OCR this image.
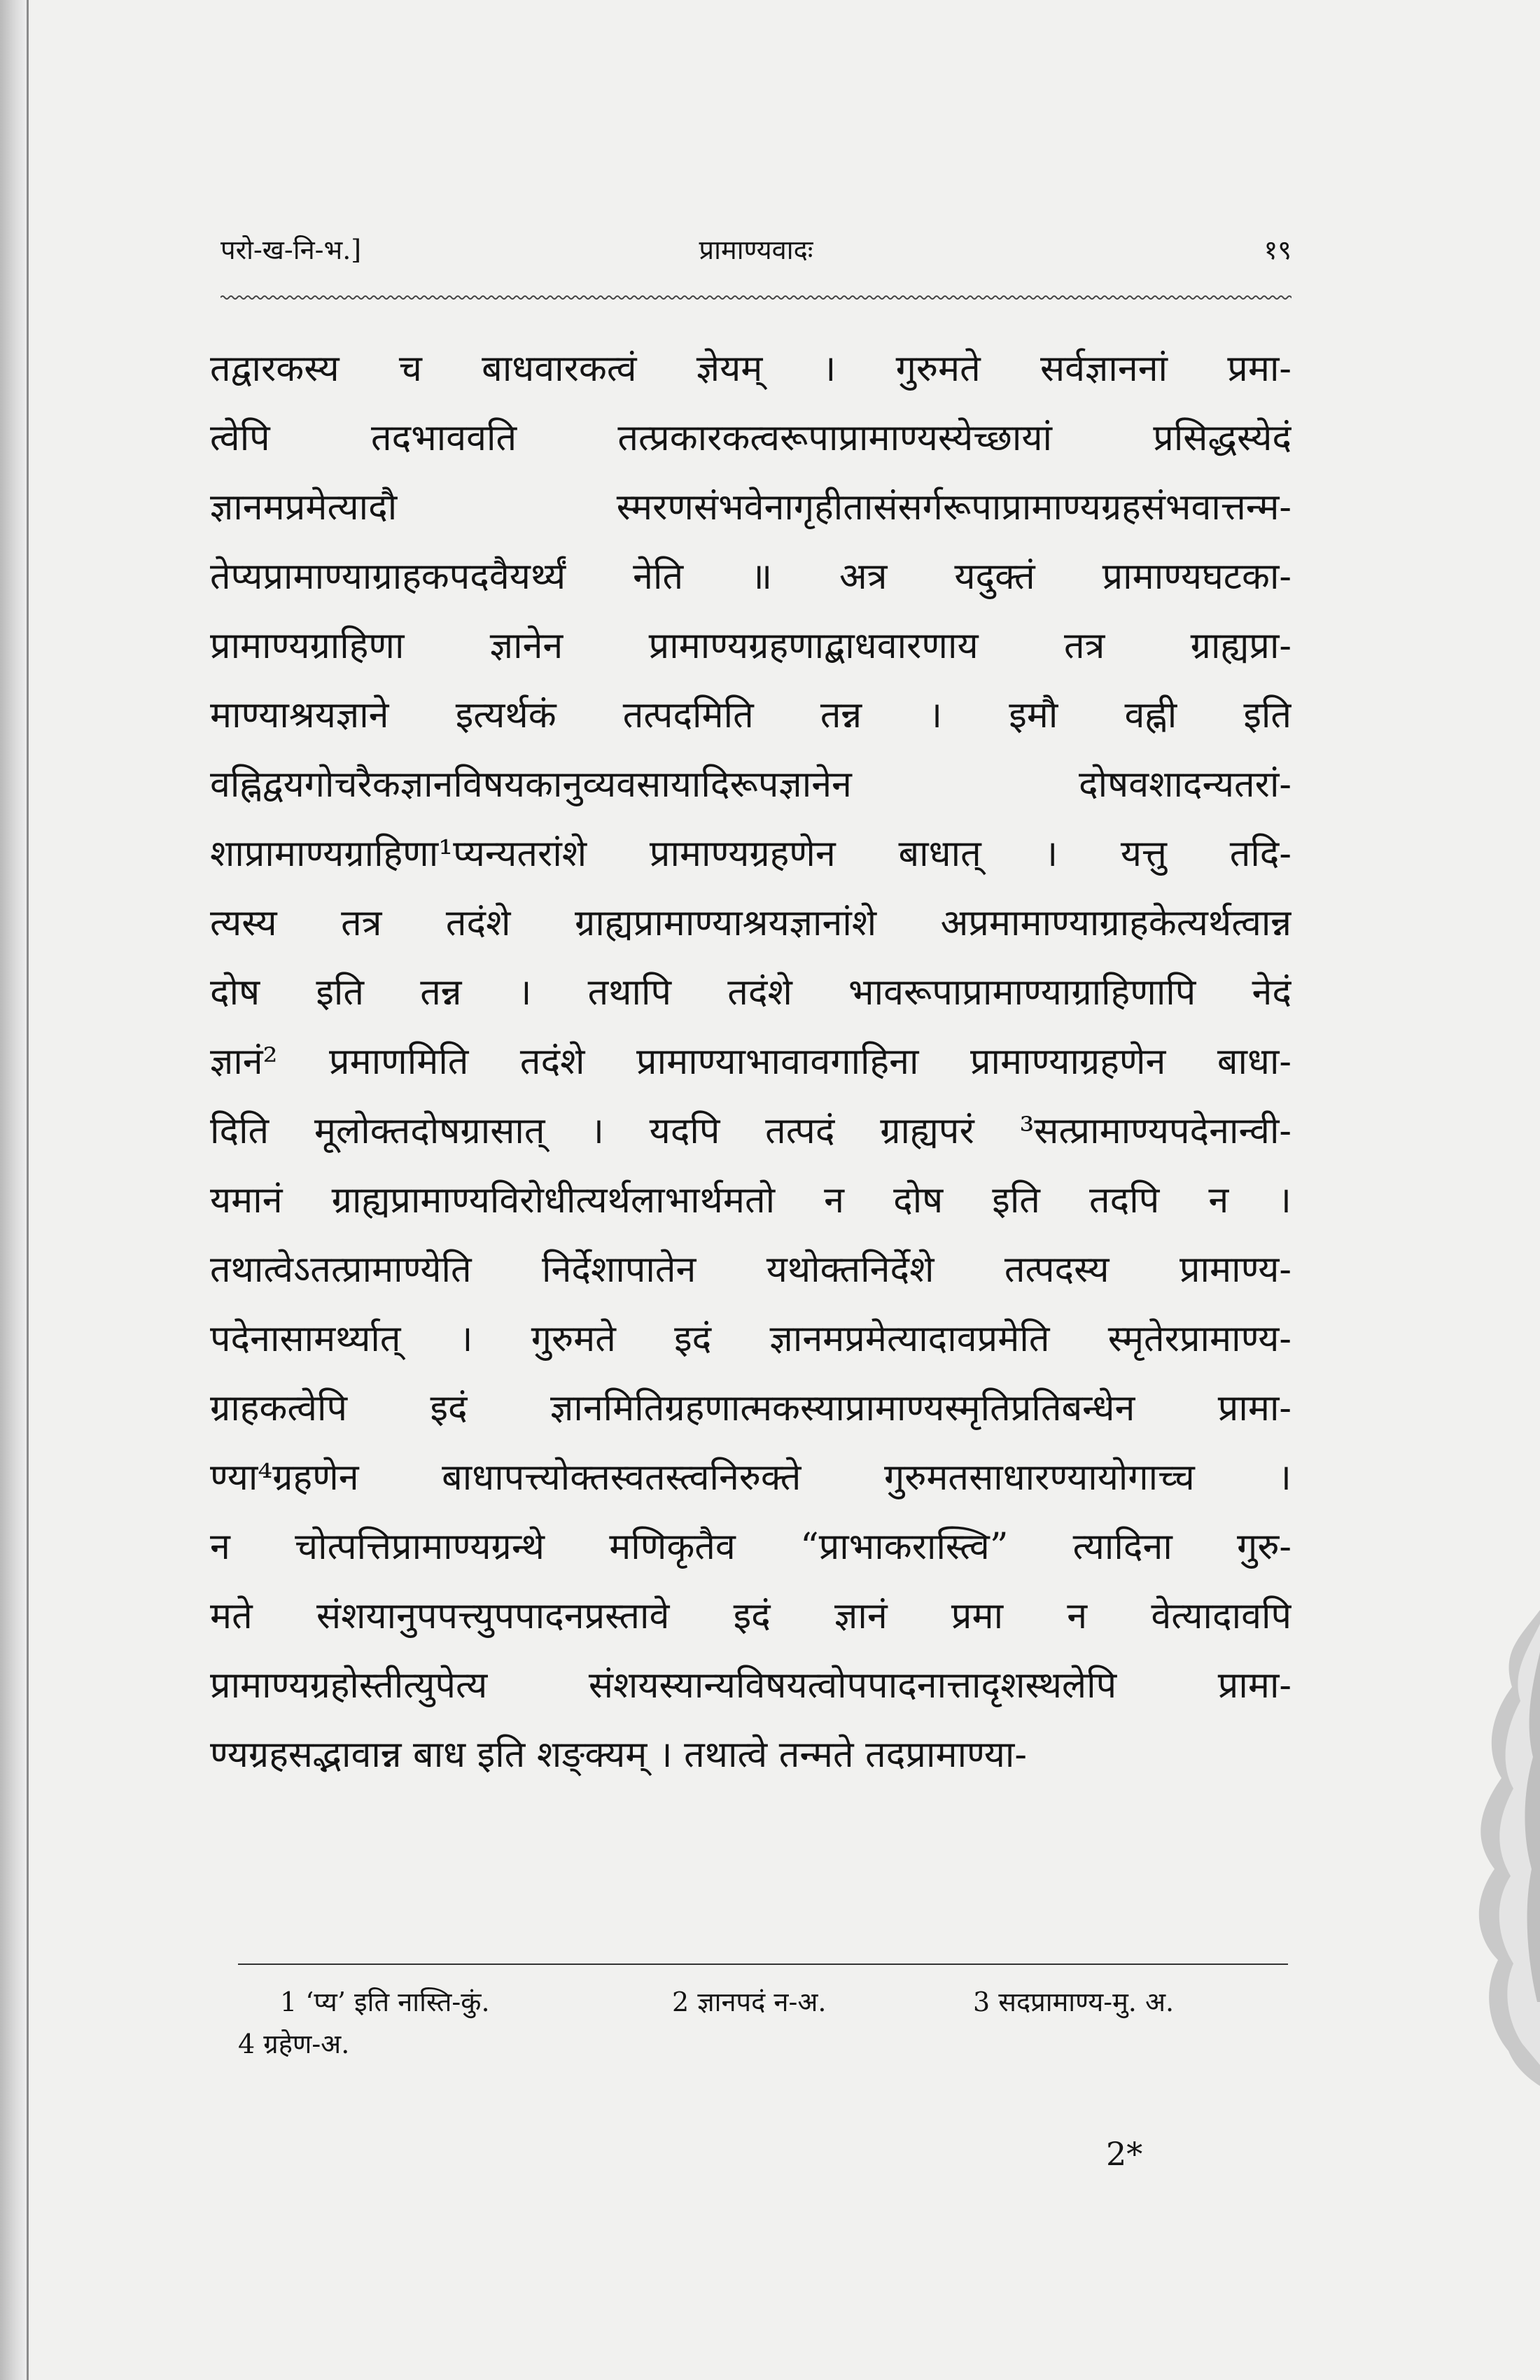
परो-ख-नि-भ.]	प्रामाण्यवादः	१९
तद्वारकस्य च बाधवारकत्वं ज्ञेयम् । गुरुमते सर्वज्ञाननां प्रमा-
त्वेपि तदभाववति तत्प्रकारकत्वरूपाप्रामाण्यस्येच्छायां प्रसिद्धस्येदं
ज्ञानमप्रमेत्यादौ स्मरणसंभवेनागृहीतासंसर्गरूपाप्रामाण्यग्रहसंभवात्तन्म-
तेप्यप्रामाण्याग्राहकपदवैयर्थ्यं नेति ॥ अत्र यदुक्तं प्रामाण्यघटका-
प्रामाण्यग्राहिणा ज्ञानेन प्रामाण्यग्रहणाद्बाधवारणाय तत्र ग्राह्यप्रा-
माण्याश्रयज्ञाने इत्यर्थकं तत्पदमिति तन्न । इमौ वह्नी इति
वह्निद्वयगोचरैकज्ञानविषयकानुव्यवसायादिरूपज्ञानेन दोषवशादन्यतरां-
शाप्रामाण्यग्राहिणा¹प्यन्यतरांशे प्रामाण्यग्रहणेन बाधात् । यत्तु तदि-
त्यस्य तत्र तदंशे ग्राह्यप्रामाण्याश्रयज्ञानांशे अप्रमामाण्याग्राहकेत्यर्थत्वान्न
दोष इति तन्न । तथापि तदंशे भावरूपाप्रामाण्याग्राहिणापि नेदं
ज्ञानं² प्रमाणमिति तदंशे प्रामाण्याभावावगाहिना प्रामाण्याग्रहणेन बाधा-
दिति मूलोक्तदोषग्रासात् । यदपि तत्पदं ग्राह्यपरं ³सत्प्रामाण्यपदेनान्वी-
यमानं ग्राह्यप्रामाण्यविरोधीत्यर्थलाभार्थमतो न दोष इति तदपि न ।
तथात्वेऽतत्प्रामाण्येति निर्देशापातेन यथोक्तनिर्देशे तत्पदस्य प्रामाण्य-
पदेनासामर्थ्यात् । गुरुमते इदं ज्ञानमप्रमेत्यादावप्रमेति स्मृतेरप्रामाण्य-
ग्राहकत्वेपि इदं ज्ञानमितिग्रहणात्मकस्याप्रामाण्यस्मृतिप्रतिबन्धेन प्रामा-
ण्या⁴ग्रहणेन बाधापत्त्योक्तस्वतस्त्वनिरुक्ते गुरुमतसाधारण्यायोगाच्च ।
न चोत्पत्तिप्रामाण्यग्रन्थे मणिकृतैव “प्राभाकरास्त्वि” त्यादिना गुरु-
मते संशयानुपपत्त्युपपादनप्रस्तावे इदं ज्ञानं प्रमा न वेत्यादावपि
प्रामाण्यग्रहोस्तीत्युपेत्य संशयस्यान्यविषयत्वोपपादनात्तादृशस्थलेपि प्रामा-
ण्यग्रहसद्भावान्न बाध इति शङ्क्यम् । तथात्वे तन्मते तदप्रामाण्या-
1 ‘प्य’ इति नास्ति-कुं.	2 ज्ञानपदं न-अ.	3 सदप्रामाण्य-मु. अ.
4 ग्रहेण-अ.
2*
